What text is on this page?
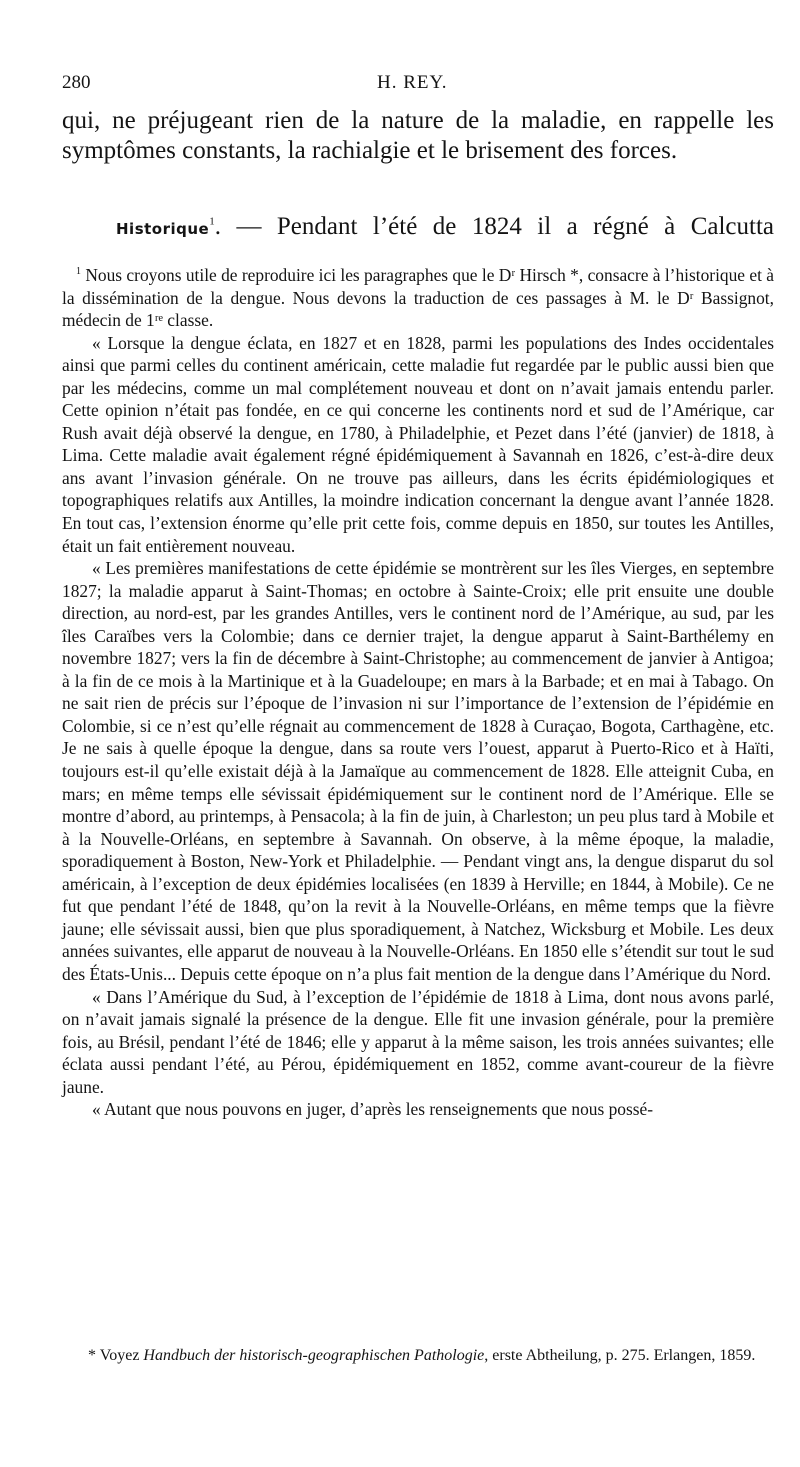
280	H. REY.

qui, ne préjugeant rien de la nature de la maladie, en rappelle les symptômes constants, la rachialgie et le brisement des forces.

Historique$^1$. — Pendant l’été de 1824 il a régné à Calcutta

$^1$ Nous croyons utile de reproduire ici les paragraphes que le Dʳ Hirsch *, consacre à l’historique et à la dissémination de la dengue. Nous devons la traduction de ces passages à M. le Dʳ Bassignot, médecin de 1ʳᵉ classe.

« Lorsque la dengue éclata, en 1827 et en 1828, parmi les populations des Indes occidentales ainsi que parmi celles du continent américain, cette maladie fut regardée par le public aussi bien que par les médecins, comme un mal complétement nouveau et dont on n’avait jamais entendu parler. Cette opinion n’était pas fondée, en ce qui concerne les continents nord et sud de l’Amérique, car Rush avait déjà observé la dengue, en 1780, à Philadelphie, et Pezet dans l’été (janvier) de 1818, à Lima. Cette maladie avait également régné épidémiquement à Savannah en 1826, c’est-à-dire deux ans avant l’invasion générale. On ne trouve pas ailleurs, dans les écrits épidémiologiques et topographiques relatifs aux Antilles, la moindre indication concernant la dengue avant l’année 1828. En tout cas, l’extension énorme qu’elle prit cette fois, comme depuis en 1850, sur toutes les Antilles, était un fait entièrement nouveau.

« Les premières manifestations de cette épidémie se montrèrent sur les îles Vierges, en septembre 1827; la maladie apparut à Saint-Thomas; en octobre à Sainte-Croix; elle prit ensuite une double direction, au nord-est, par les grandes Antilles, vers le continent nord de l’Amérique, au sud, par les îles Caraïbes vers la Colombie; dans ce dernier trajet, la dengue apparut à Saint-Barthélemy en novembre 1827; vers la fin de décembre à Saint-Christophe; au commencement de janvier à Antigoa; à la fin de ce mois à la Martinique et à la Guadeloupe; en mars à la Barbade; et en mai à Tabago. On ne sait rien de précis sur l’époque de l’invasion ni sur l’importance de l’extension de l’épidémie en Colombie, si ce n’est qu’elle régnait au commencement de 1828 à Curaçao, Bogota, Carthagène, etc. Je ne sais à quelle époque la dengue, dans sa route vers l’ouest, apparut à Puerto-Rico et à Haïti, toujours est-il qu’elle existait déjà à la Jamaïque au commencement de 1828. Elle atteignit Cuba, en mars; en même temps elle sévissait épidémiquement sur le continent nord de l’Amérique. Elle se montre d’abord, au printemps, à Pensacola; à la fin de juin, à Charleston; un peu plus tard à Mobile et à la Nouvelle-Orléans, en septembre à Savannah. On observe, à la même époque, la maladie, sporadiquement à Boston, New-York et Philadelphie. — Pendant vingt ans, la dengue disparut du sol américain, à l’exception de deux épidémies localisées (en 1839 à Herville; en 1844, à Mobile). Ce ne fut que pendant l’été de 1848, qu’on la revit à la Nouvelle-Orléans, en même temps que la fièvre jaune; elle sévissait aussi, bien que plus sporadiquement, à Natchez, Wicksburg et Mobile. Les deux années suivantes, elle apparut de nouveau à la Nouvelle-Orléans. En 1850 elle s’étendit sur tout le sud des États-Unis... Depuis cette époque on n’a plus fait mention de la dengue dans l’Amérique du Nord.

« Dans l’Amérique du Sud, à l’exception de l’épidémie de 1818 à Lima, dont nous avons parlé, on n’avait jamais signalé la présence de la dengue. Elle fit une invasion générale, pour la première fois, au Brésil, pendant l’été de 1846; elle y apparut à la même saison, les trois années suivantes; elle éclata aussi pendant l’été, au Pérou, épidémiquement en 1852, comme avant-coureur de la fièvre jaune.

« Autant que nous pouvons en juger, d’après les renseignements que nous possé-

* Voyez Handbuch der historisch-geographischen Pathologie, erste Abtheilung, p. 275. Erlangen, 1859.
